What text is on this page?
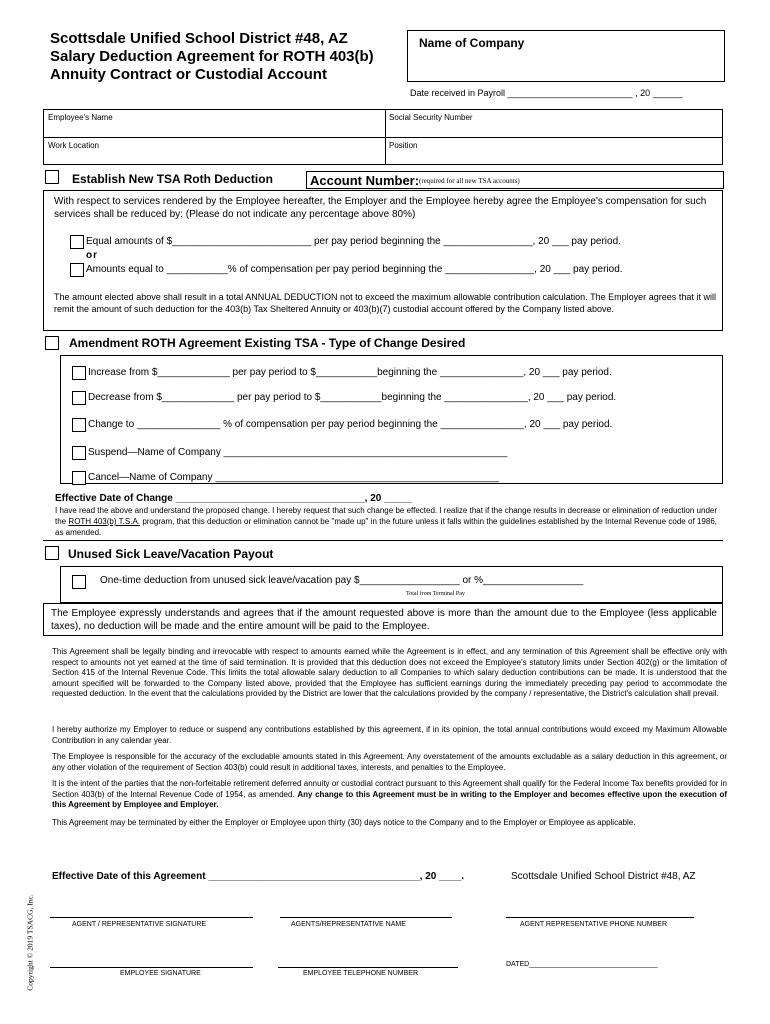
Scottsdale Unified School District #48, AZ
Salary Deduction Agreement for ROTH 403(b)
Annuity Contract or Custodial Account
Name of Company
Date received in Payroll _________________________ , 20 ______
Employee's Name	Social Security Number
Work Location	Position
Establish New TSA Roth Deduction	Account Number: (required for all new TSA accounts)
With respect to services rendered by the Employee hereafter, the Employer and the Employee hereby agree the Employee's compensation for such services shall be reduced by: (Please do not indicate any percentage above 80%)
Equal amounts of $_________________________ per pay period beginning the ________________, 20 ___ pay period.
or
Amounts equal to ___________% of compensation per pay period beginning the ________________, 20 ___ pay period.
The amount elected above shall result in a total ANNUAL DEDUCTION not to exceed the maximum allowable contribution calculation. The Employer agrees that it will remit the amount of such deduction for the 403(b) Tax Sheltered Annuity or 403(b)(7) custodial account offered by the Company listed above.
Amendment ROTH Agreement Existing TSA - Type of Change Desired
Increase from $_____________ per pay period to $___________beginning the _______________, 20 ___ pay period.
Decrease from $_____________ per pay period to $___________beginning the _______________, 20 ___ pay period.
Change to _______________ % of compensation per pay period beginning the _______________, 20 ___ pay period.
Suspend—Name of Company ___________________________________________________
Cancel—Name of Company ___________________________________________________
Effective Date of Change __________________________________, 20 _____
I have read the above and understand the proposed change. I hereby request that such change be effected. I realize that if the change results in decrease or elimination of reduction under the ROTH 403(b) T.S.A. program, that this deduction or elimination cannot be "made up" in the future unless it falls within the guidelines established by the Internal Revenue code of 1986, as amended.
Unused Sick Leave/Vacation Payout
One-time deduction from unused sick leave/vacation pay $__________________ or %__________________
Total from Terminal Pay
The Employee expressly understands and agrees that if the amount requested above is more than the amount due to the Employee (less applicable taxes), no deduction will be made and the entire amount will be paid to the Employee.
This Agreement shall be legally binding and irrevocable with respect to amounts earned while the Agreement is in effect, and any termination of this Agreement shall be effective only with respect to amounts not yet earned at the time of said termination. It is provided that this deduction does not exceed the Employee's statutory limits under Section 402(g) or the limitation of Section 415 of the Internal Revenue Code. This limits the total allowable salary deduction to all Companies to which salary deduction contributions can be made. It is understood that the amount specified will be forwarded to the Company listed above, provided that the Employee has sufficient earnings during the immediately preceding pay period to accommodate the requested deduction. In the event that the calculations provided by the District are lower that the calculations provided by the company / representative, the District's calculation shall prevail.
I hereby authorize my Employer to reduce or suspend any contributions established by this agreement, if in its opinion, the total annual contributions would exceed my Maximum Allowable Contribution in any calendar year.
The Employee is responsible for the accuracy of the excludable amounts stated in this Agreement. Any overstatement of the amounts excludable as a salary deduction in this agreement, or any other violation of the requirement of Section 403(b) could result in additional taxes, interests, and penalties to the Employee.
It is the intent of the parties that the non-forfeitable retirement deferred annuity or custodial contract pursuant to this Agreement shall qualify for the Federal Income Tax benefits provided for in Section 403(b) of the Internal Revenue Code of 1954, as amended. Any change to this Agreement must be in writing to the Employer and becomes effective upon the execution of this Agreement by Employee and Employer.
This Agreement may be terminated by either the Employer or Employee upon thirty (30) days notice to the Company and to the Employer or Employee as applicable.
Effective Date of this Agreement ______________________________________, 20 ____.	Scottsdale Unified School District #48, AZ
AGENT / REPRESENTATIVE SIGNATURE	AGENTS/REPRESENTATIVE NAME	AGENT REPRESENTATIVE PHONE NUMBER
EMPLOYEE SIGNATURE	EMPLOYEE TELEPHONE NUMBER
DATED_________________________________
Copyright © 2019 TSACG, Inc.
